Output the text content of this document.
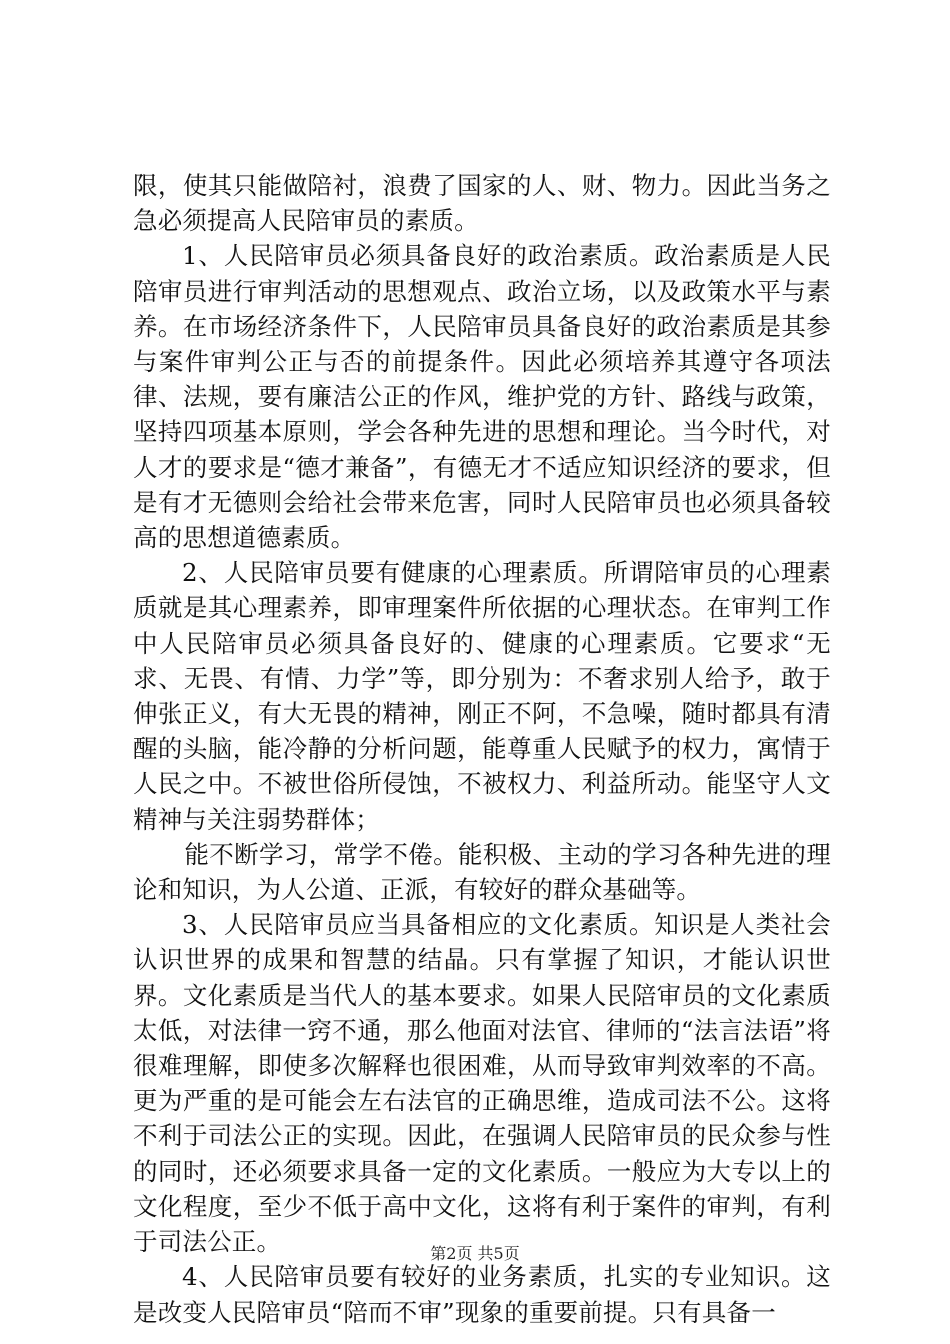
限，使其只能做陪衬，浪费了国家的人、财、物力。因此当务之急必须提高人民陪审员的素质。

1、人民陪审员必须具备良好的政治素质。政治素质是人民陪审员进行审判活动的思想观点、政治立场，以及政策水平与素养。在市场经济条件下，人民陪审员具备良好的政治素质是其参与案件审判公正与否的前提条件。因此必须培养其遵守各项法律、法规，要有廉洁公正的作风，维护党的方针、路线与政策，坚持四项基本原则，学会各种先进的思想和理论。当今时代，对人才的要求是“德才兼备”，有德无才不适应知识经济的要求，但是有才无德则会给社会带来危害，同时人民陪审员也必须具备较高的思想道德素质。

2、人民陪审员要有健康的心理素质。所谓陪审员的心理素质就是其心理素养，即审理案件所依据的心理状态。在审判工作中人民陪审员必须具备良好的、健康的心理素质。它要求“无求、无畏、有情、力学”等，即分别为：不奢求别人给予，敢于伸张正义，有大无畏的精神，刚正不阿，不急噪，随时都具有清醒的头脑，能冷静的分析问题，能尊重人民赋予的权力，寓情于人民之中。不被世俗所侵蚀，不被权力、利益所动。能坚守人文精神与关注弱势群体；

能不断学习，常学不倦。能积极、主动的学习各种先进的理论和知识，为人公道、正派，有较好的群众基础等。

3、人民陪审员应当具备相应的文化素质。知识是人类社会认识世界的成果和智慧的结晶。只有掌握了知识，才能认识世界。文化素质是当代人的基本要求。如果人民陪审员的文化素质太低，对法律一窍不通，那么他面对法官、律师的“法言法语”将很难理解，即使多次解释也很困难，从而导致审判效率的不高。更为严重的是可能会左右法官的正确思维，造成司法不公。这将不利于司法公正的实现。因此，在强调人民陪审员的民众参与性的同时，还必须要求具备一定的文化素质。一般应为大专以上的文化程度，至少不低于高中文化，这将有利于案件的审判，有利于司法公正。

4、人民陪审员要有较好的业务素质，扎实的专业知识。这是改变人民陪审员“陪而不审”现象的重要前提。只有具备一

第2页 共5页
